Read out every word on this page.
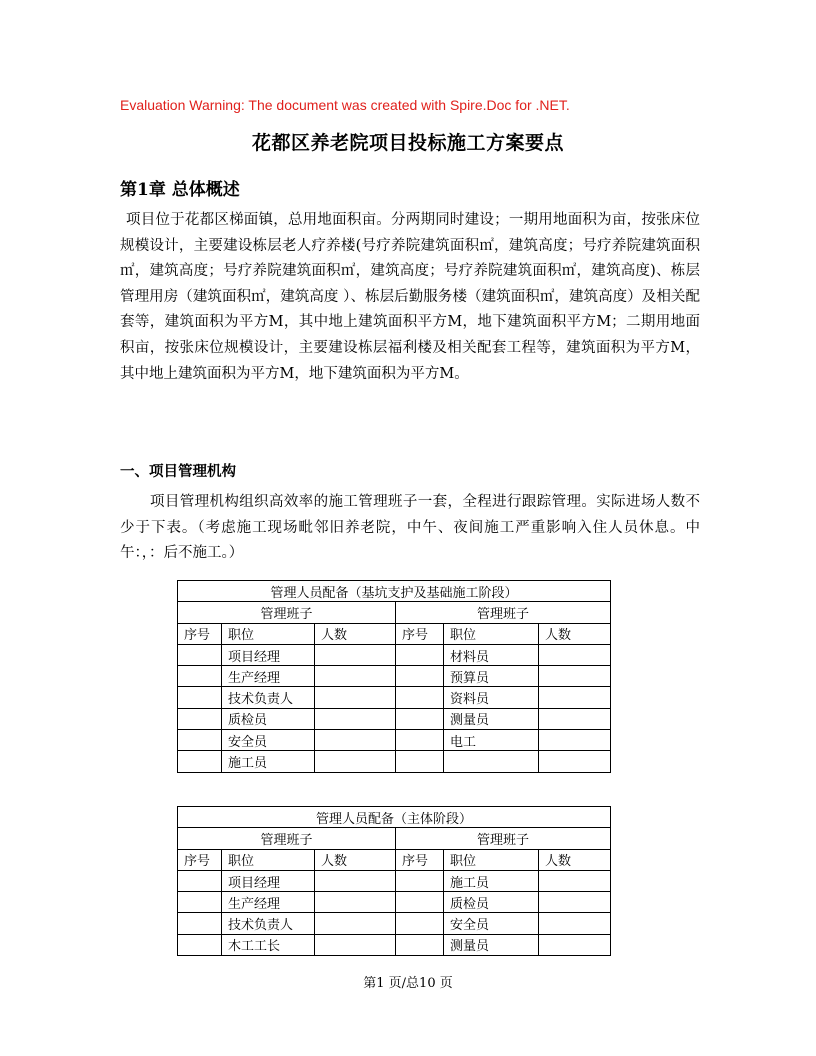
Evaluation Warning: The document was created with Spire.Doc for .NET.
花都区养老院项目投标施工方案要点
第1章 总体概述

项目位于花都区梯面镇，总用地面积亩。分两期同时建设；一期用地面积为亩，按张床位规模设计，主要建设栋层老人疗养楼(号疗养院建筑面积㎡，建筑高度；号疗养院建筑面积㎡，建筑高度；号疗养院建筑面积㎡，建筑高度；号疗养院建筑面积㎡，建筑高度)、栋层管理用房（建筑面积㎡，建筑高度 ）、栋层后勤服务楼（建筑面积㎡，建筑高度）及相关配套等，建筑面积为平方M，其中地上建筑面积平方M，地下建筑面积平方M；二期用地面积亩，按张床位规模设计，主要建设栋层福利楼及相关配套工程等，建筑面积为平方M，其中地上建筑面积为平方M，地下建筑面积为平方M。

一、项目管理机构

项目管理机构组织高效率的施工管理班子一套，全程进行跟踪管理。实际进场人数不少于下表。（考虑施工现场毗邻旧养老院，中午、夜间施工严重影响入住人员休息。中午：，：后不施工。）

管理人员配备（基坑支护及基础施工阶段）					
管理班子			管理班子		
序号	职位	人数	序号	职位	人数
	项目经理			材料员	
	生产经理			预算员	
	技术负责人			资料员	
	质检员			测量员	
	安全员			电工	
	施工员				
管理人员配备（主体阶段）					
管理班子			管理班子		
序号	职位	人数	序号	职位	人数
	项目经理			施工员	
	生产经理			质检员	
	技术负责人			安全员	
	木工工长			测量员	
第1 页/总10 页
